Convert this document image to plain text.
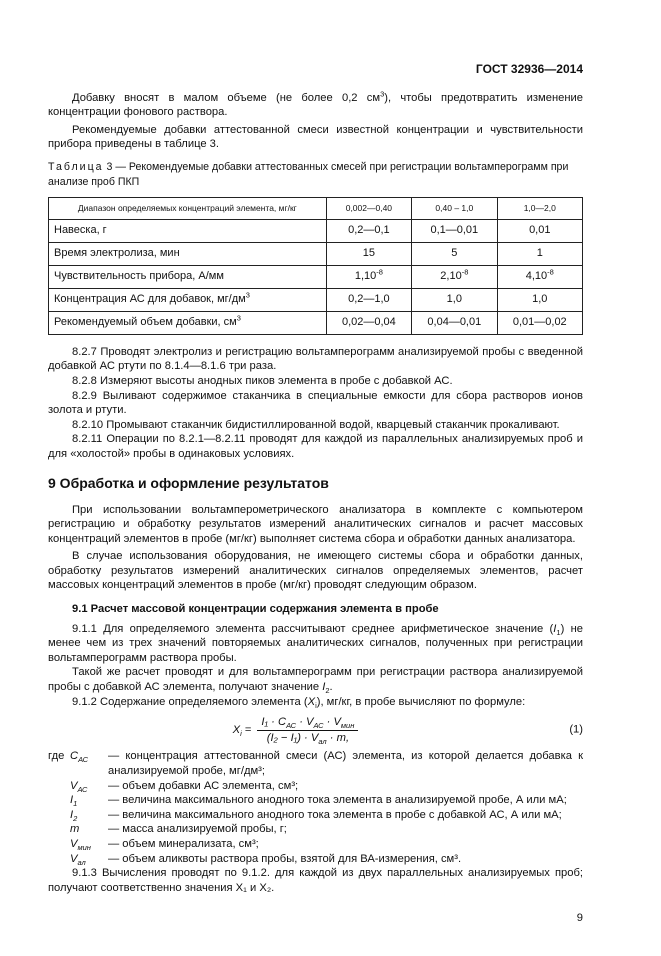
ГОСТ 32936—2014

Добавку вносят в малом объеме (не более 0,2 $см^3$), чтобы предотвратить изменение концентрации фонового раствора.

Рекомендуемые добавки аттестованной смеси известной концентрации и чувствительности прибора приведены в таблице 3.

Таблица 3 — Рекомендуемые добавки аттестованных смесей при регистрации вольтамперограмм при анализе проб ПКП
Диапазон определяемых концентраций элемента, мг/кг	0,002—0,40	0,40 – 1,0	1,0—2,0
Навеска, г	0,2—0,1	0,1—0,01	0,01
Время электролиза, мин	15	5	1
Чувствительность прибора, А/мм	$1,10^{-8}$	$2,10^{-8}$	$4,10^{-8}$
Концентрация АС для добавок, $мг/дм^3$	0,2—1,0	1,0	1,0
Рекомендуемый объем добавки, $см^3$	0,02—0,04	0,04—0,01	0,01—0,02

8.2.7 Проводят электролиз и регистрацию вольтамперограмм анализируемой пробы с введенной добавкой АС ртути по 8.1.4—8.1.6 три раза.

8.2.8 Измеряют высоты анодных пиков элемента в пробе с добавкой АС.

8.2.9 Выливают содержимое стаканчика в специальные емкости для сбора растворов ионов золота и ртути.

8.2.10 Промывают стаканчик бидистиллированной водой, кварцевый стаканчик прокаливают.

8.2.11 Операции по 8.2.1—8.2.11 проводят для каждой из параллельных анализируемых проб и для «холостой» пробы в одинаковых условиях.

9 Обработка и оформление результатов

При использовании вольтамперометрического анализатора в комплекте с компьютером регистрацию и обработку результатов измерений аналитических сигналов и расчет массовых концентраций элементов в пробе (мг/кг) выполняет система сбора и обработки данных анализатора.

В случае использования оборудования, не имеющего системы сбора и обработки данных, обработку результатов измерений аналитических сигналов определяемых элементов, расчет массовых концентраций элементов в пробе (мг/кг) проводят следующим образом.

9.1 Расчет массовой концентрации содержания элемента в пробе

9.1.1 Для определяемого элемента рассчитывают среднее арифметическое значение $(I_1)$ не менее чем из трех значений повторяемых аналитических сигналов, полученных при регистрации вольтамперограмм раствора пробы.

Такой же расчет проводят и для вольтамперограмм при регистрации раствора анализируемой пробы с добавкой АС элемента, получают значение $I_2$.

9.1.2 Содержание определяемого элемента $(X_i)$, мг/кг, в пробе вычисляют по формуле:

$X_i = \frac{I_1 \cdot C_{АС} \cdot V_{АС} \cdot V_{мин}}{(I_2 - I_1) \cdot V_{ал} \cdot m,}$	(1)
где $C_{АС}$	— концентрация аттестованной смеси (АС) элемента, из которой делается добавка к анализируемой пробе, мг/дм³;
$V_{АС}$	— объем добавки АС элемента, см³;
$I_1$	— величина максимального анодного тока элемента в анализируемой пробе, А или мА;
$I_2$	— величина максимального анодного тока элемента в пробе с добавкой АС, А или мА;
m	— масса анализируемой пробы, г;
$V_{мин}$	— объем минерализата, см³;
$V_{ал}$	— объем аликвоты раствора пробы, взятой для ВА-измерения, см³.

9.1.3 Вычисления проводят по 9.1.2. для каждой из двух параллельных анализируемых проб; получают соответственно значения X₁ и X₂.

9
